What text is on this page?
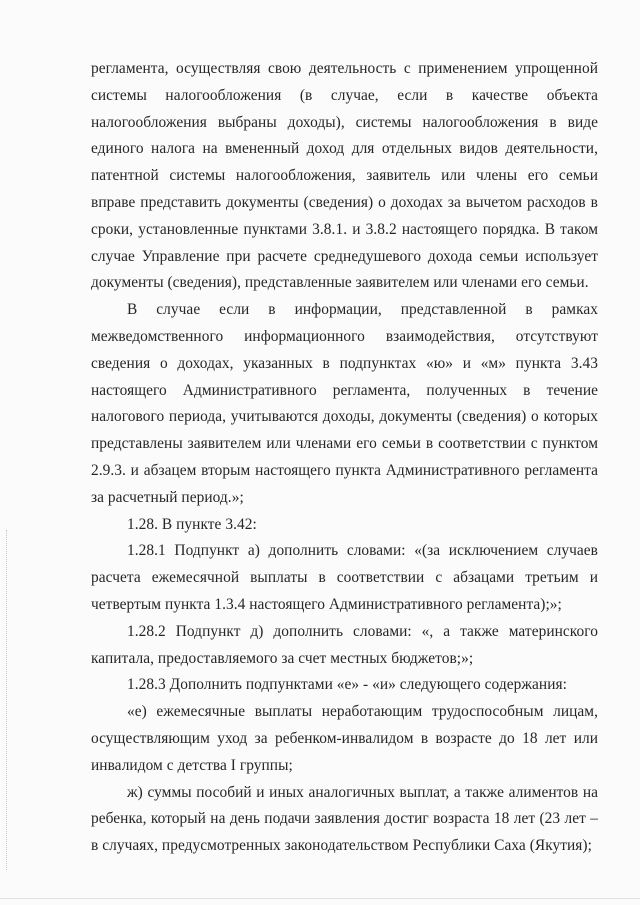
регламента, осуществляя свою деятельность с применением упрощенной системы налогообложения (в случае, если в качестве объекта налогообложения выбраны доходы), системы налогообложения в виде единого налога на вмененный доход для отдельных видов деятельности, патентной системы налогообложения, заявитель или члены его семьи вправе представить документы (сведения) о доходах за вычетом расходов в сроки, установленные пунктами 3.8.1. и 3.8.2 настоящего порядка. В таком случае Управление при расчете среднедушевого дохода семьи использует документы (сведения), представленные заявителем или членами его семьи.

В случае если в информации, представленной в рамках межведомственного информационного взаимодействия, отсутствуют сведения о доходах, указанных в подпунктах «ю» и «м» пункта 3.43 настоящего Административного регламента, полученных в течение налогового периода, учитываются доходы, документы (сведения) о которых представлены заявителем или членами его семьи в соответствии с пунктом 2.9.3. и абзацем вторым настоящего пункта Административного регламента за расчетный период.»;

1.28. В пункте 3.42:

1.28.1 Подпункт а) дополнить словами: «(за исключением случаев расчета ежемесячной выплаты в соответствии с абзацами третьим и четвертым пункта 1.3.4 настоящего Административного регламента);»;

1.28.2 Подпункт д) дополнить словами: «, а также материнского капитала, предоставляемого за счет местных бюджетов;»;

1.28.3 Дополнить подпунктами «е» - «и» следующего содержания:

«е) ежемесячные выплаты неработающим трудоспособным лицам, осуществляющим уход за ребенком-инвалидом в возрасте до 18 лет или инвалидом с детства I группы;

ж) суммы пособий и иных аналогичных выплат, а также алиментов на ребенка, который на день подачи заявления достиг возраста 18 лет (23 лет – в случаях, предусмотренных законодательством Республики Саха (Якутия);
